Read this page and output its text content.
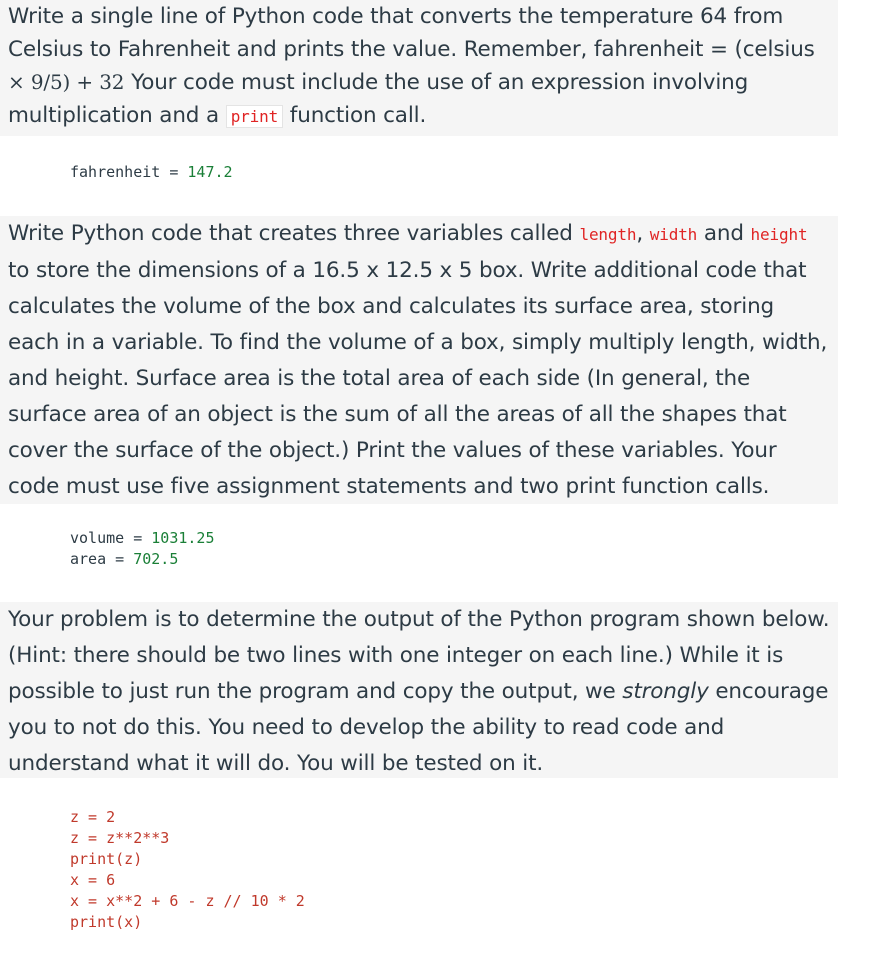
Write a single line of Python code that converts the temperature 64 from Celsius to Fahrenheit and prints the value. Remember, fahrenheit = (celsius × 9/5) + 32 Your code must include the use of an expression involving multiplication and a print function call.
fahrenheit = 147.2
Write Python code that creates three variables called length, width and height to store the dimensions of a 16.5 x 12.5 x 5 box. Write additional code that calculates the volume of the box and calculates its surface area, storing each in a variable. To find the volume of a box, simply multiply length, width, and height. Surface area is the total area of each side (In general, the surface area of an object is the sum of all the areas of all the shapes that cover the surface of the object.) Print the values of these variables. Your code must use five assignment statements and two print function calls.
volume = 1031.25
area = 702.5
Your problem is to determine the output of the Python program shown below. (Hint: there should be two lines with one integer on each line.) While it is possible to just run the program and copy the output, we strongly encourage you to not do this. You need to develop the ability to read code and understand what it will do. You will be tested on it.
z = 2
z = z**2**3
print(z)
x = 6
x = x**2 + 6 - z // 10 * 2
print(x)
